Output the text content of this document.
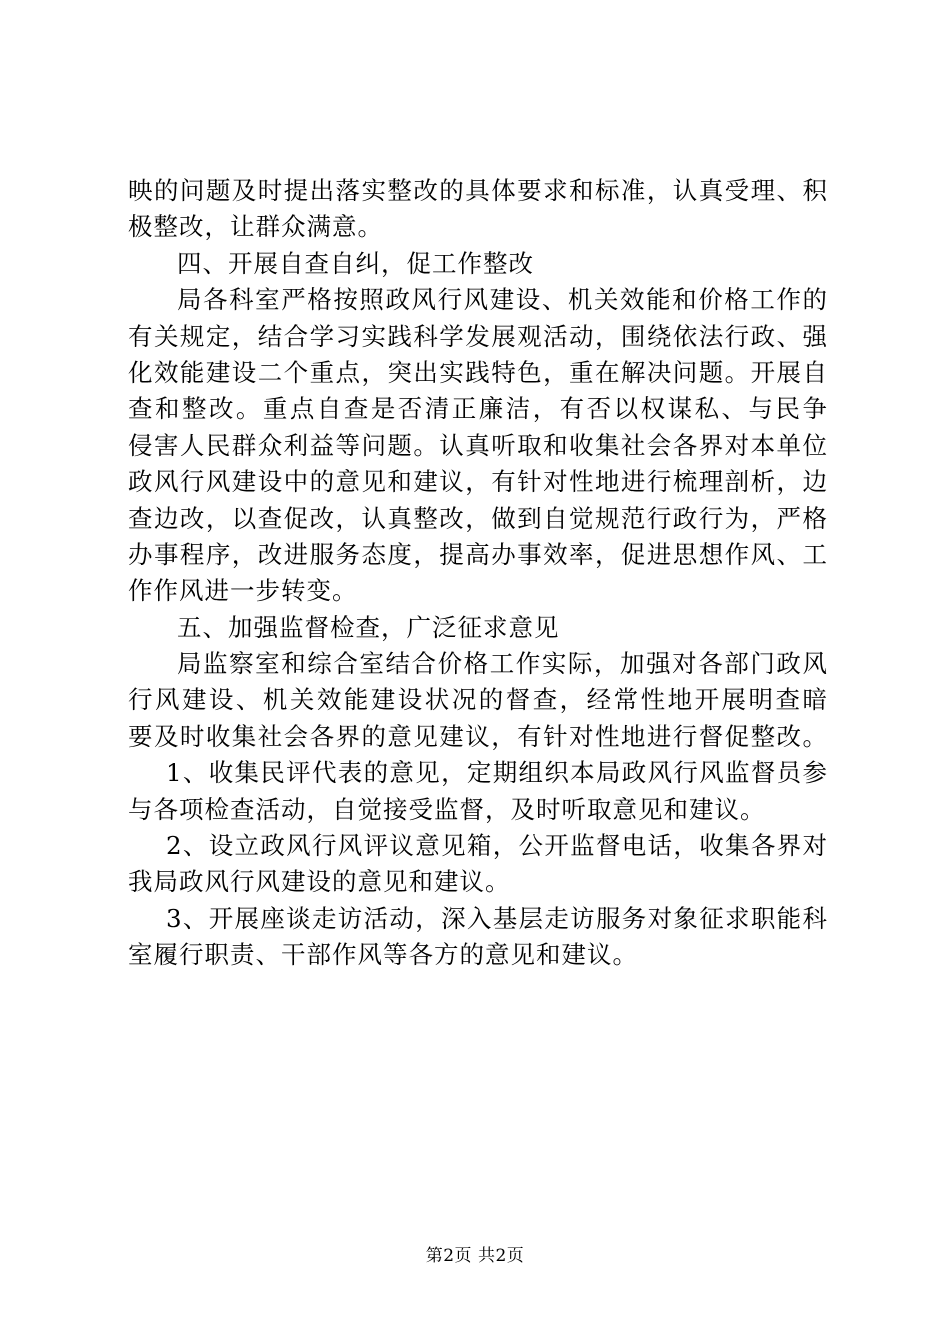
映的问题及时提出落实整改的具体要求和标准，认真受理、积
极整改，让群众满意。
四、开展自查自纠，促工作整改
局各科室严格按照政风行风建设、机关效能和价格工作的
有关规定，结合学习实践科学发展观活动，围绕依法行政、强
化效能建设二个重点，突出实践特色，重在解决问题。开展自
查和整改。重点自查是否清正廉洁，有否以权谋私、与民争
侵害人民群众利益等问题。认真听取和收集社会各界对本单位
政风行风建设中的意见和建议，有针对性地进行梳理剖析，边
查边改，以查促改，认真整改，做到自觉规范行政行为，严格
办事程序，改进服务态度，提高办事效率，促进思想作风、工
作作风进一步转变。
五、加强监督检查，广泛征求意见
局监察室和综合室结合价格工作实际，加强对各部门政风
行风建设、机关效能建设状况的督查，经常性地开展明查暗
要及时收集社会各界的意见建议，有针对性地进行督促整改。
1、收集民评代表的意见，定期组织本局政风行风监督员参
与各项检查活动，自觉接受监督，及时听取意见和建议。
2、设立政风行风评议意见箱，公开监督电话，收集各界对
我局政风行风建设的意见和建议。
3、开展座谈走访活动，深入基层走访服务对象征求职能科
室履行职责、干部作风等各方的意见和建议。
第2页 共2页
